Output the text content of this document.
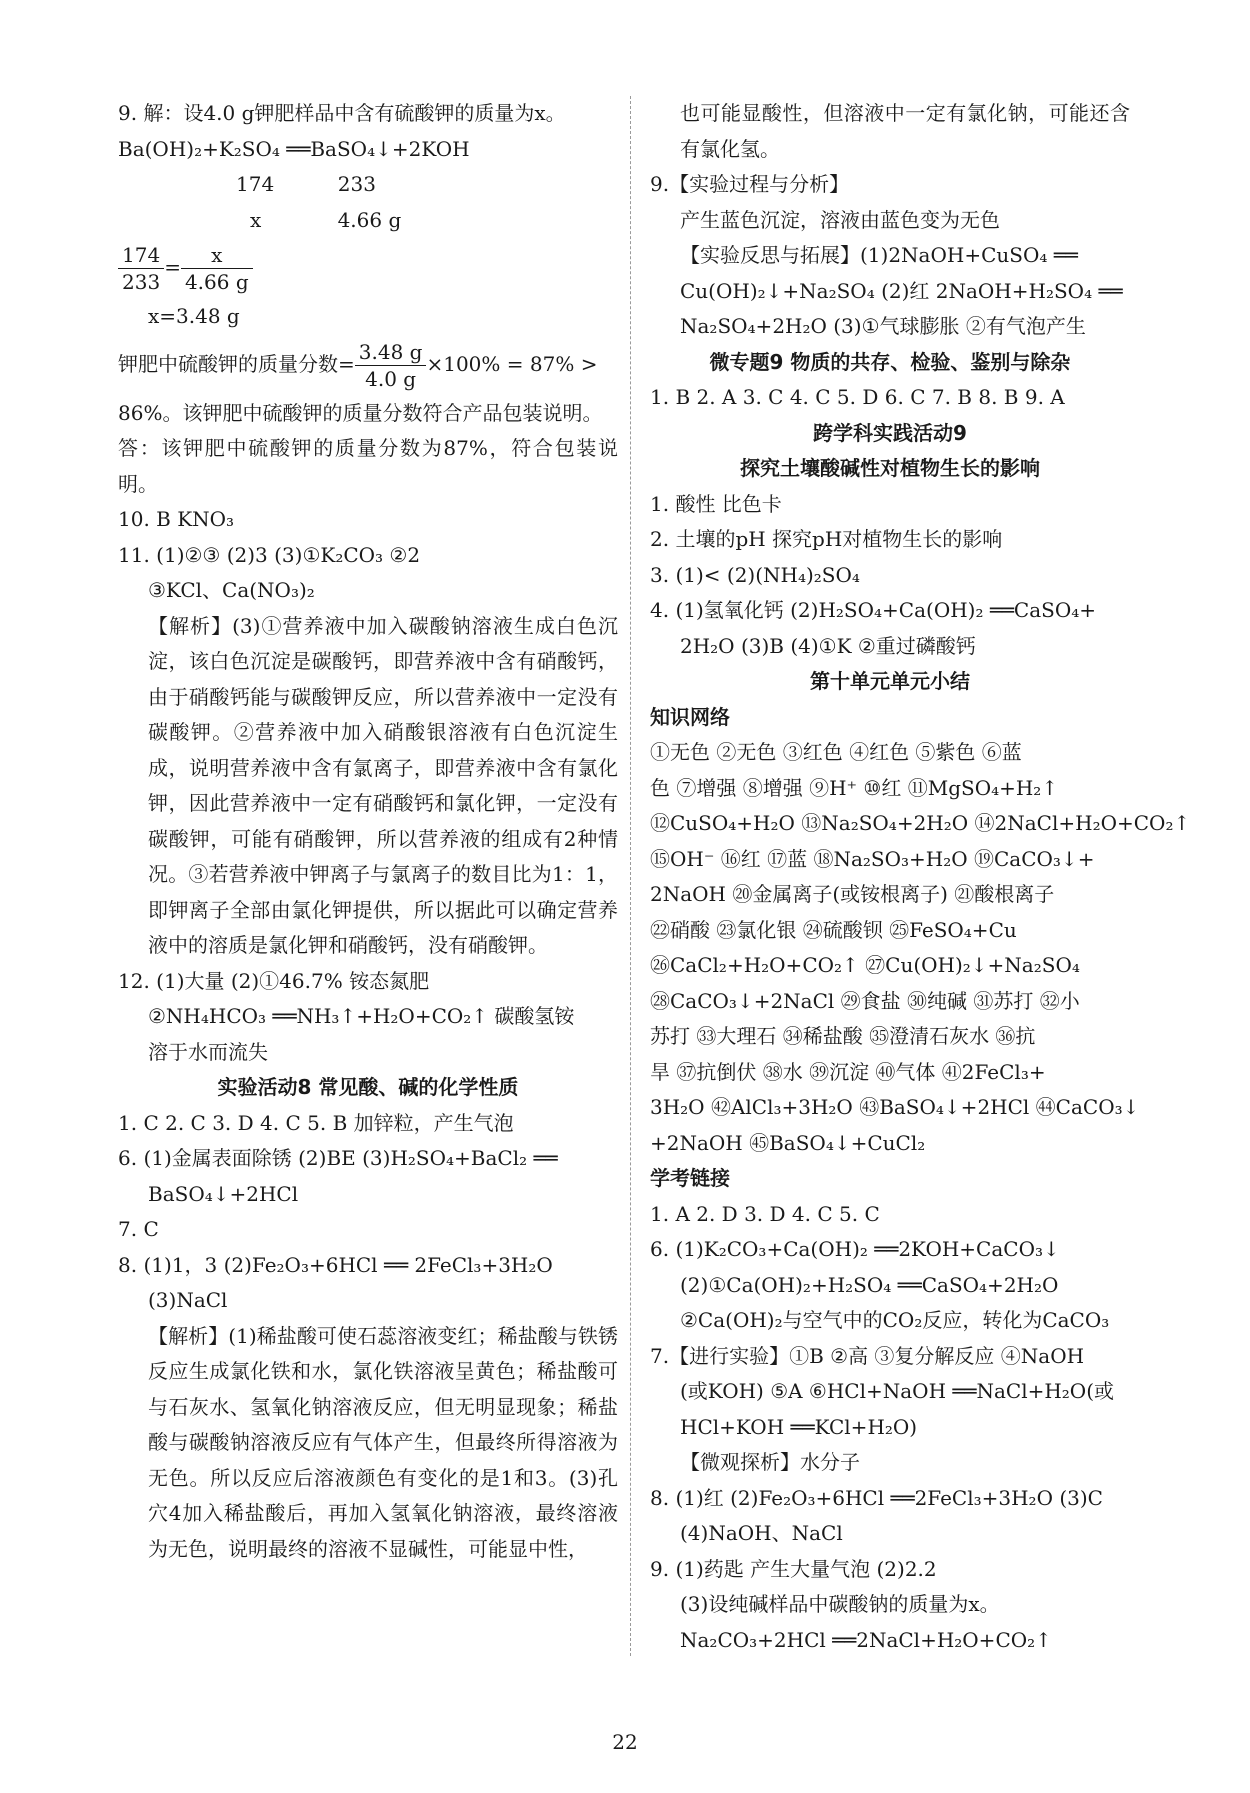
9. 解：设4.0 g钾肥样品中含有硫酸钾的质量为x。

Ba(OH)₂+K₂SO₄ ══BaSO₄↓+2KOH

174          233

x            4.66 g

$\frac{174}{233} = \frac{x}{4.66 g}$

x=3.48 g

钾肥中硫酸钾的质量分数= $\frac{3.48 g}{4.0 g} \times 100\% = 87\%$ >

86%。该钾肥中硫酸钾的质量分数符合产品包装说明。

答：该钾肥中硫酸钾的质量分数为87%，符合包装说明。

10. B KNO₃

11. (1)②③ (2)3 (3)①K₂CO₃ ②2

③KCl、Ca(NO₃)₂

【解析】(3)①营养液中加入碳酸钠溶液生成白色沉淀，该白色沉淀是碳酸钙，即营养液中含有硝酸钙，由于硝酸钙能与碳酸钾反应，所以营养液中一定没有碳酸钾。②营养液中加入硝酸银溶液有白色沉淀生成，说明营养液中含有氯离子，即营养液中含有氯化钾，因此营养液中一定有硝酸钙和氯化钾，一定没有碳酸钾，可能有硝酸钾，所以营养液的组成有2种情况。③若营养液中钾离子与氯离子的数目比为1：1，即钾离子全部由氯化钾提供，所以据此可以确定营养液中的溶质是氯化钾和硝酸钙，没有硝酸钾。

12. (1)大量 (2)①46.7% 铵态氮肥

②NH₄HCO₃ ══NH₃↑+H₂O+CO₂↑ 碳酸氢铵

溶于水而流失

实验活动8 常见酸、碱的化学性质

1. C 2. C 3. D 4. C 5. B 加锌粒，产生气泡

6. (1)金属表面除锈 (2)BE (3)H₂SO₄+BaCl₂ ══

BaSO₄↓+2HCl

7. C

8. (1)1，3 (2)Fe₂O₃+6HCl ══ 2FeCl₃+3H₂O

(3)NaCl

【解析】(1)稀盐酸可使石蕊溶液变红；稀盐酸与铁锈反应生成氯化铁和水，氯化铁溶液呈黄色；稀盐酸可与石灰水、氢氧化钠溶液反应，但无明显现象；稀盐酸与碳酸钠溶液反应有气体产生，但最终所得溶液为无色。所以反应后溶液颜色有变化的是1和3。(3)孔穴4加入稀盐酸后，再加入氢氧化钠溶液，最终溶液为无色，说明最终的溶液不显碱性，可能显中性，

也可能显酸性，但溶液中一定有氯化钠，可能还含有氯化氢。

9.【实验过程与分析】

产生蓝色沉淀，溶液由蓝色变为无色

【实验反思与拓展】(1)2NaOH+CuSO₄ ══

Cu(OH)₂↓+Na₂SO₄ (2)红 2NaOH+H₂SO₄ ══

Na₂SO₄+2H₂O (3)①气球膨胀 ②有气泡产生

微专题9 物质的共存、检验、鉴别与除杂

1. B 2. A 3. C 4. C 5. D 6. C 7. B 8. B 9. A

跨学科实践活动9

探究土壤酸碱性对植物生长的影响

1. 酸性 比色卡

2. 土壤的pH 探究pH对植物生长的影响

3. (1)< (2)(NH₄)₂SO₄

4. (1)氢氧化钙 (2)H₂SO₄+Ca(OH)₂ ══CaSO₄+

2H₂O (3)B (4)①K ②重过磷酸钙

第十单元单元小结

知识网络

①无色 ②无色 ③红色 ④红色 ⑤紫色 ⑥蓝

色 ⑦增强 ⑧增强 ⑨H⁺ ⑩红 ⑪MgSO₄+H₂↑

⑫CuSO₄+H₂O ⑬Na₂SO₄+2H₂O ⑭2NaCl+H₂O+CO₂↑

⑮OH⁻ ⑯红 ⑰蓝 ⑱Na₂SO₃+H₂O ⑲CaCO₃↓+

2NaOH ⑳金属离子(或铵根离子) ㉑酸根离子

㉒硝酸 ㉓氯化银 ㉔硫酸钡 ㉕FeSO₄+Cu

㉖CaCl₂+H₂O+CO₂↑ ㉗Cu(OH)₂↓+Na₂SO₄

㉘CaCO₃↓+2NaCl ㉙食盐 ㉚纯碱 ㉛苏打 ㉜小

苏打 ㉝大理石 ㉞稀盐酸 ㉟澄清石灰水 ㊱抗

旱 ㊲抗倒伏 ㊳水 ㊴沉淀 ㊵气体 ㊶2FeCl₃+

3H₂O ㊷AlCl₃+3H₂O ㊸BaSO₄↓+2HCl ㊹CaCO₃↓

+2NaOH ㊺BaSO₄↓+CuCl₂

学考链接

1. A 2. D 3. D 4. C 5. C

6. (1)K₂CO₃+Ca(OH)₂ ══2KOH+CaCO₃↓

(2)①Ca(OH)₂+H₂SO₄ ══CaSO₄+2H₂O

②Ca(OH)₂与空气中的CO₂反应，转化为CaCO₃

7.【进行实验】①B ②高 ③复分解反应 ④NaOH

(或KOH) ⑤A ⑥HCl+NaOH ══NaCl+H₂O(或

HCl+KOH ══KCl+H₂O)

【微观探析】水分子

8. (1)红 (2)Fe₂O₃+6HCl ══2FeCl₃+3H₂O (3)C

(4)NaOH、NaCl

9. (1)药匙 产生大量气泡 (2)2.2

(3)设纯碱样品中碳酸钠的质量为x。

Na₂CO₃+2HCl ══2NaCl+H₂O+CO₂↑

22
